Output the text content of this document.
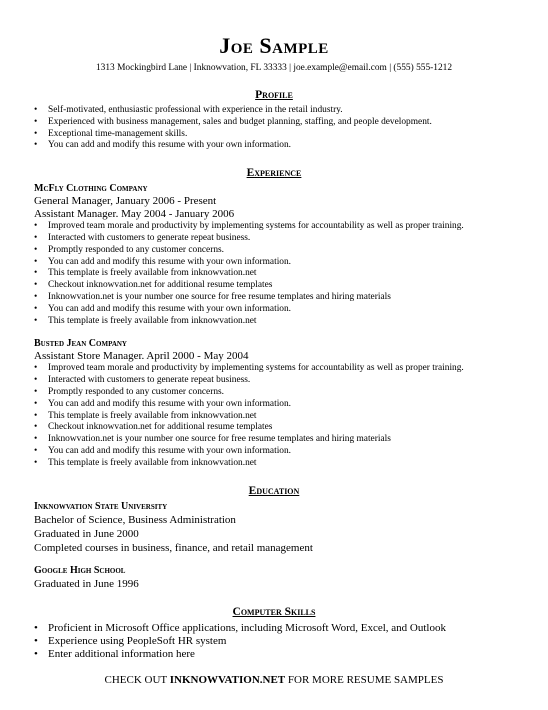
Joe Sample
1313 Mockingbird Lane | Inknowvation, FL 33333 | joe.example@email.com | (555) 555-1212
Profile
• Self-motivated, enthusiastic professional with experience in the retail industry.
• Experienced with business management, sales and budget planning, staffing, and people development.
• Exceptional time-management skills.
• You can add and modify this resume with your own information.
Experience
McFly Clothing Company
General Manager, January 2006 - Present
Assistant Manager. May 2004 - January 2006
• Improved team morale and productivity by implementing systems for accountability as well as proper training.
• Interacted with customers to generate repeat business.
• Promptly responded to any customer concerns.
• You can add and modify this resume with your own information.
• This template is freely available from inknowvation.net
• Checkout inknowvation.net for additional resume templates
• Inknowvation.net is your number one source for free resume templates and hiring materials
• You can add and modify this resume with your own information.
• This template is freely available from inknowvation.net
Busted Jean Company
Assistant Store Manager. April 2000 - May 2004
• Improved team morale and productivity by implementing systems for accountability as well as proper training.
• Interacted with customers to generate repeat business.
• Promptly responded to any customer concerns.
• You can add and modify this resume with your own information.
• This template is freely available from inknowvation.net
• Checkout inknowvation.net for additional resume templates
• Inknowvation.net is your number one source for free resume templates and hiring materials
• You can add and modify this resume with your own information.
• This template is freely available from inknowvation.net
Education
Inknowvation State University
Bachelor of Science, Business Administration
Graduated in June 2000
Completed courses in business, finance, and retail management
Google High School
Graduated in June 1996
Computer Skills
• Proficient in Microsoft Office applications, including Microsoft Word, Excel, and Outlook
• Experience using PeopleSoft HR system
• Enter additional information here
CHECK OUT INKNOWVATION.NET FOR MORE RESUME SAMPLES
